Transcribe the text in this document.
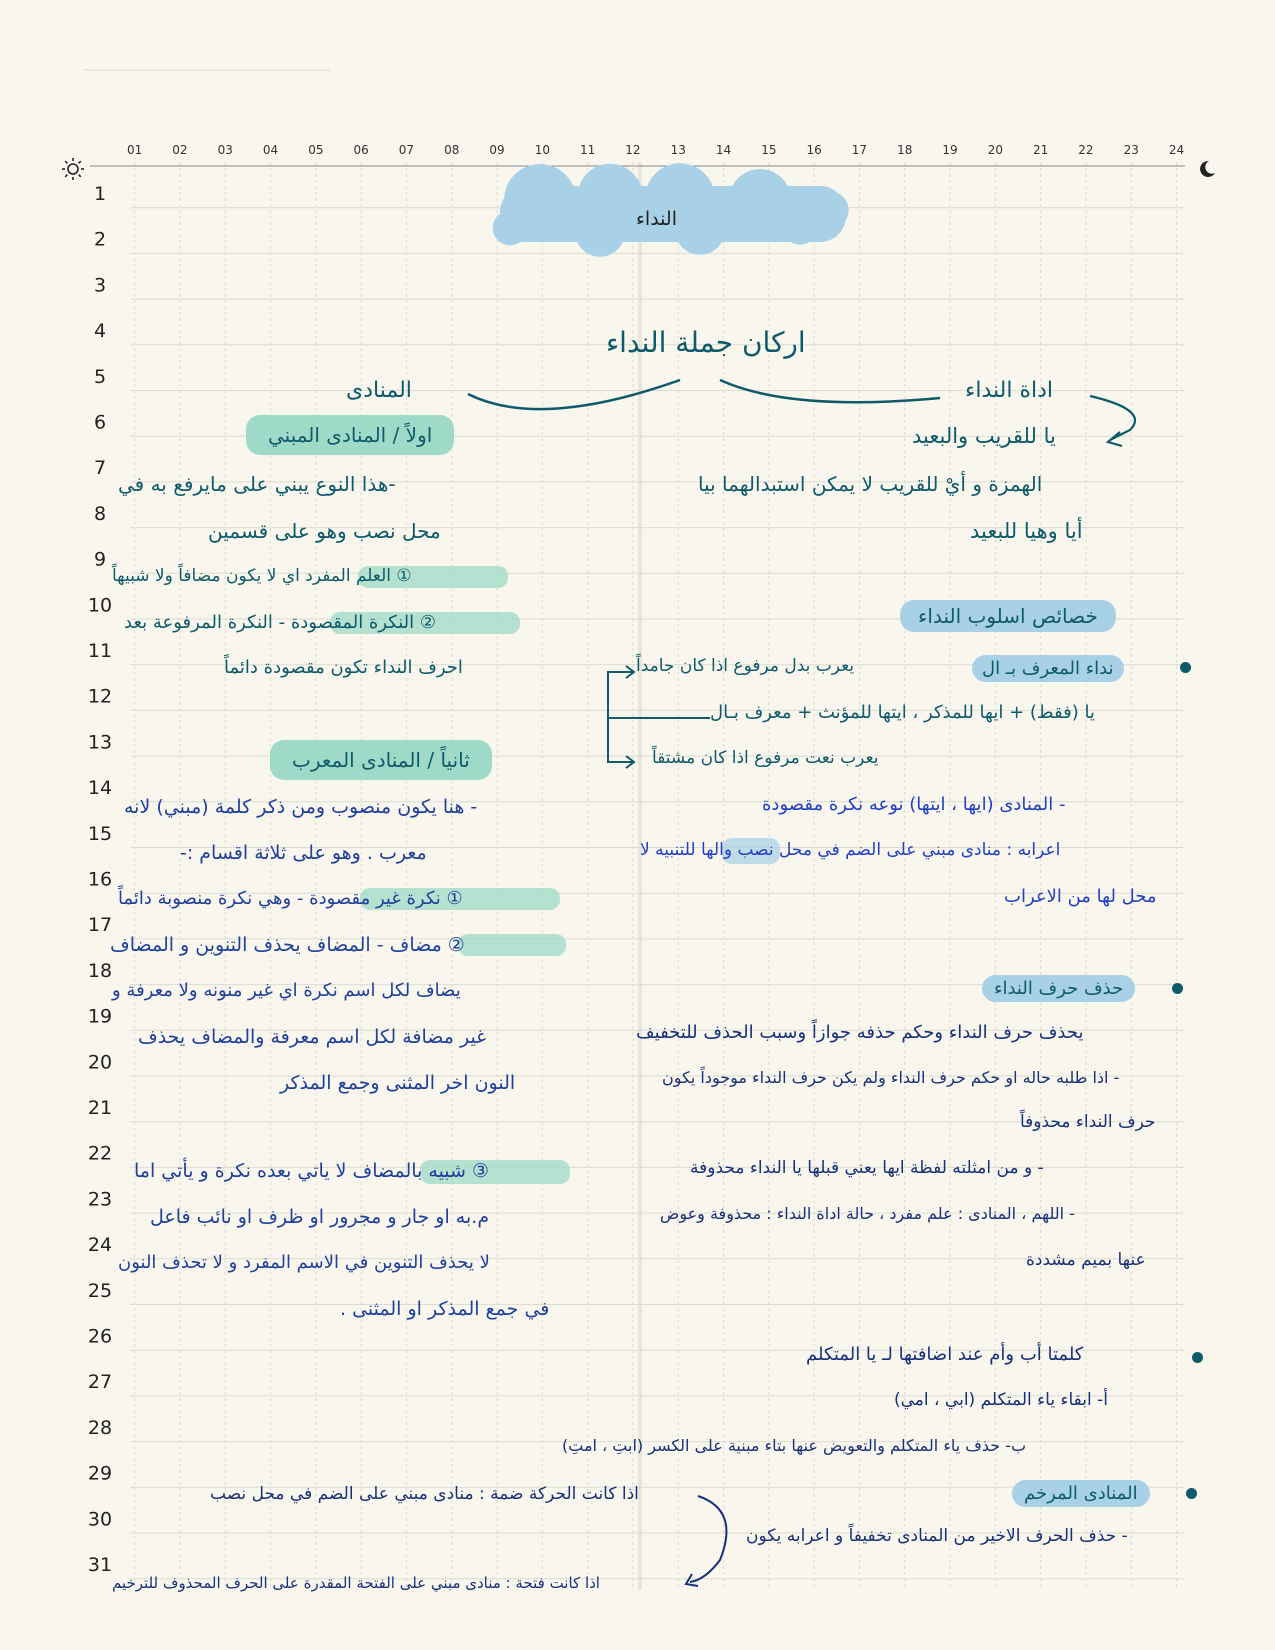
01	02	03	04	05	06	07	08	09	10	11	12	13	14	15	16	17	18	19	20	21	22	23	24
1
2
3
4
5
6
7
8
9
10
11
12
13
14
15
16
17
18
19
20
21
22
23
24
25
26
27
28
29
30
31
النداء
اركان جملة النداء
المنادى	اداة النداء
يا للقريب والبعيد
الهمزة و أيْ للقريب لا يمكن استبدالهما بيا
أيا وهيا للبعيد
اولاً / المنادى المبني
-هذا النوع يبني على مايرفع به في
محل نصب وهو على قسمين
① العلم المفرد اي لا يكون مضافاً ولا شبيهاً
② النكرة المقصودة - النكرة المرفوعة بعد
احرف النداء تكون مقصودة دائماً
ثانياً / المنادى المعرب
- هنا يكون منصوب ومن ذكر كلمة (مبني) لانه
معرب . وهو على ثلاثة اقسام :-
① نكرة غير مقصودة - وهي نكرة منصوبة دائماً
② مضاف - المضاف يحذف التنوين و المضاف
يضاف لكل اسم نكرة اي غير منونه ولا معرفة و
غير مضافة لكل اسم معرفة والمضاف يحذف
النون اخر المثنى وجمع المذكر
③ شبيه بالمضاف لا ياتي بعده نكرة و يأتي اما
م.به او جار و مجرور او ظرف او نائب فاعل
لا يحذف التنوين في الاسم المفرد و لا تحذف النون
في جمع المذكر او المثنى .
خصائص اسلوب النداء
نداء المعرف بـ ال
يعرب بدل مرفوع اذا كان جامداً
يا (فقط) + ايها للمذكر ، ايتها للمؤنث + معرف بـال
يعرب نعت مرفوع اذا كان مشتقاً
- المنادى (ايها ، ايتها) نوعه نكرة مقصودة
اعرابه : منادى مبني على الضم في محل نصب والها للتنبيه لا
محل لها من الاعراب
حذف حرف النداء
يحذف حرف النداء وحكم حذفه جوازاً وسبب الحذف للتخفيف
- اذا طلبه حاله او حكم حرف النداء ولم يكن حرف النداء موجوداً يكون
حرف النداء محذوفاً
- و من امثلته لفظة ايها يعني قبلها يا النداء محذوفة
- اللهم ، المنادى : علم مفرد ، حالة اداة النداء : محذوفة وعوض
عنها بميم مشددة
كلمتا أب وأم عند اضافتها لـ يا المتكلم
أ- ابقاء ياء المتكلم (ابي ، امي)
ب- حذف ياء المتكلم والتعويض عنها بتاء مبنية على الكسر (ابتِ ، امتِ)
المنادى المرخم
- حذف الحرف الاخير من المنادى تخفيفاً و اعرابه يكون
اذا كانت الحركة ضمة : منادى مبني على الضم في محل نصب
اذا كانت فتحة : منادى مبني على الفتحة المقدرة على الحرف المحذوف للترخيم
